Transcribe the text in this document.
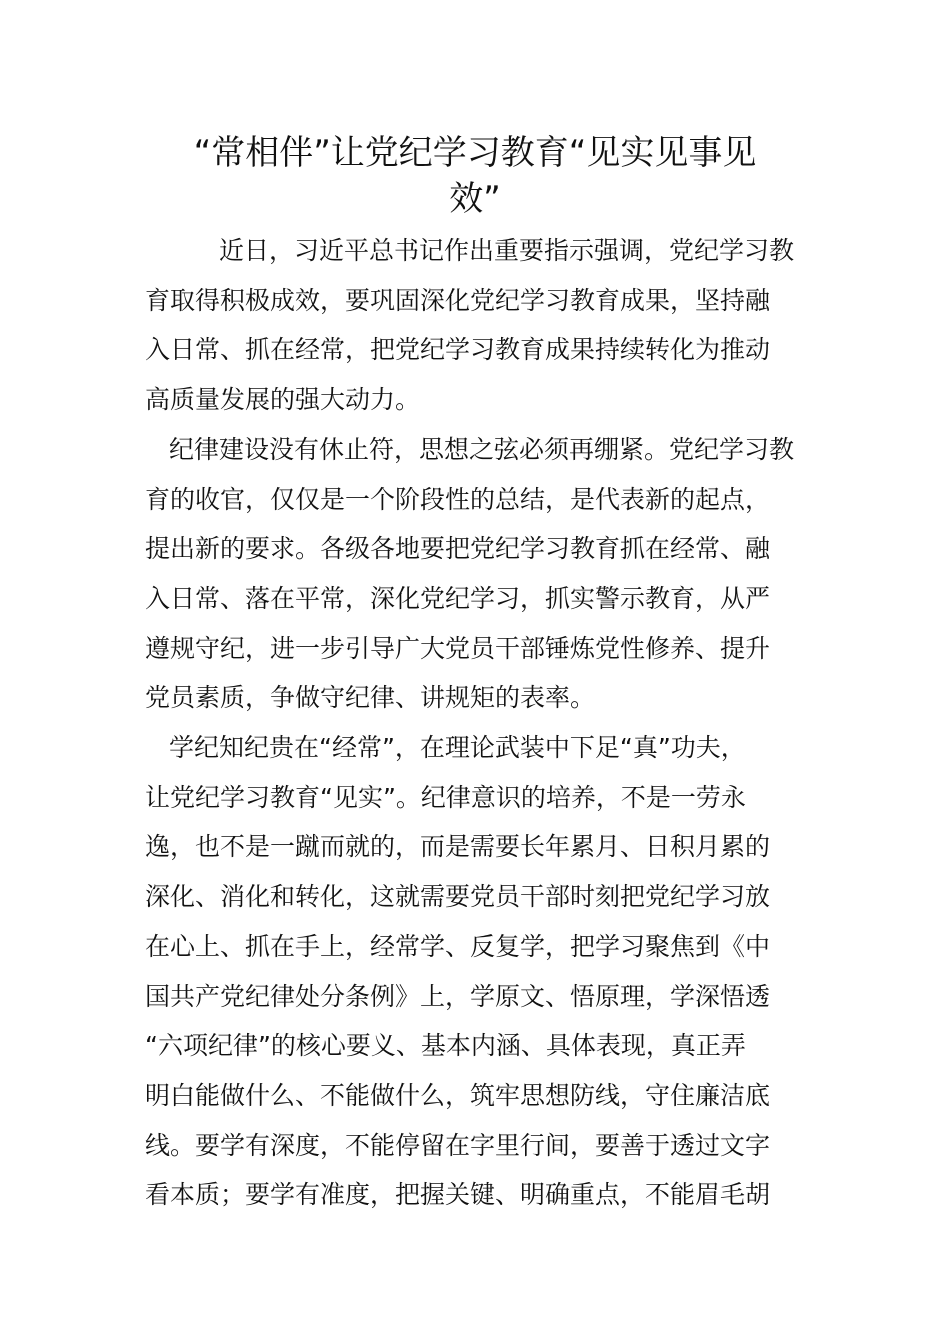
“常相伴”让党纪学习教育“见实见事见
效”
近日，习近平总书记作出重要指示强调，党纪学习教
育取得积极成效，要巩固深化党纪学习教育成果，坚持融
入日常、抓在经常，把党纪学习教育成果持续转化为推动
高质量发展的强大动力。
纪律建设没有休止符，思想之弦必须再绷紧。党纪学习教
育的收官，仅仅是一个阶段性的总结，是代表新的起点，
提出新的要求。各级各地要把党纪学习教育抓在经常、融
入日常、落在平常，深化党纪学习，抓实警示教育，从严
遵规守纪，进一步引导广大党员干部锤炼党性修养、提升
党员素质，争做守纪律、讲规矩的表率。
学纪知纪贵在“经常”，在理论武装中下足“真”功夫，
让党纪学习教育“见实”。纪律意识的培养，不是一劳永
逸，也不是一蹴而就的，而是需要长年累月、日积月累的
深化、消化和转化，这就需要党员干部时刻把党纪学习放
在心上、抓在手上，经常学、反复学，把学习聚焦到《中
国共产党纪律处分条例》上，学原文、悟原理，学深悟透
“六项纪律”的核心要义、基本内涵、具体表现，真正弄
明白能做什么、不能做什么，筑牢思想防线，守住廉洁底
线。要学有深度，不能停留在字里行间，要善于透过文字
看本质；要学有准度，把握关键、明确重点，不能眉毛胡
